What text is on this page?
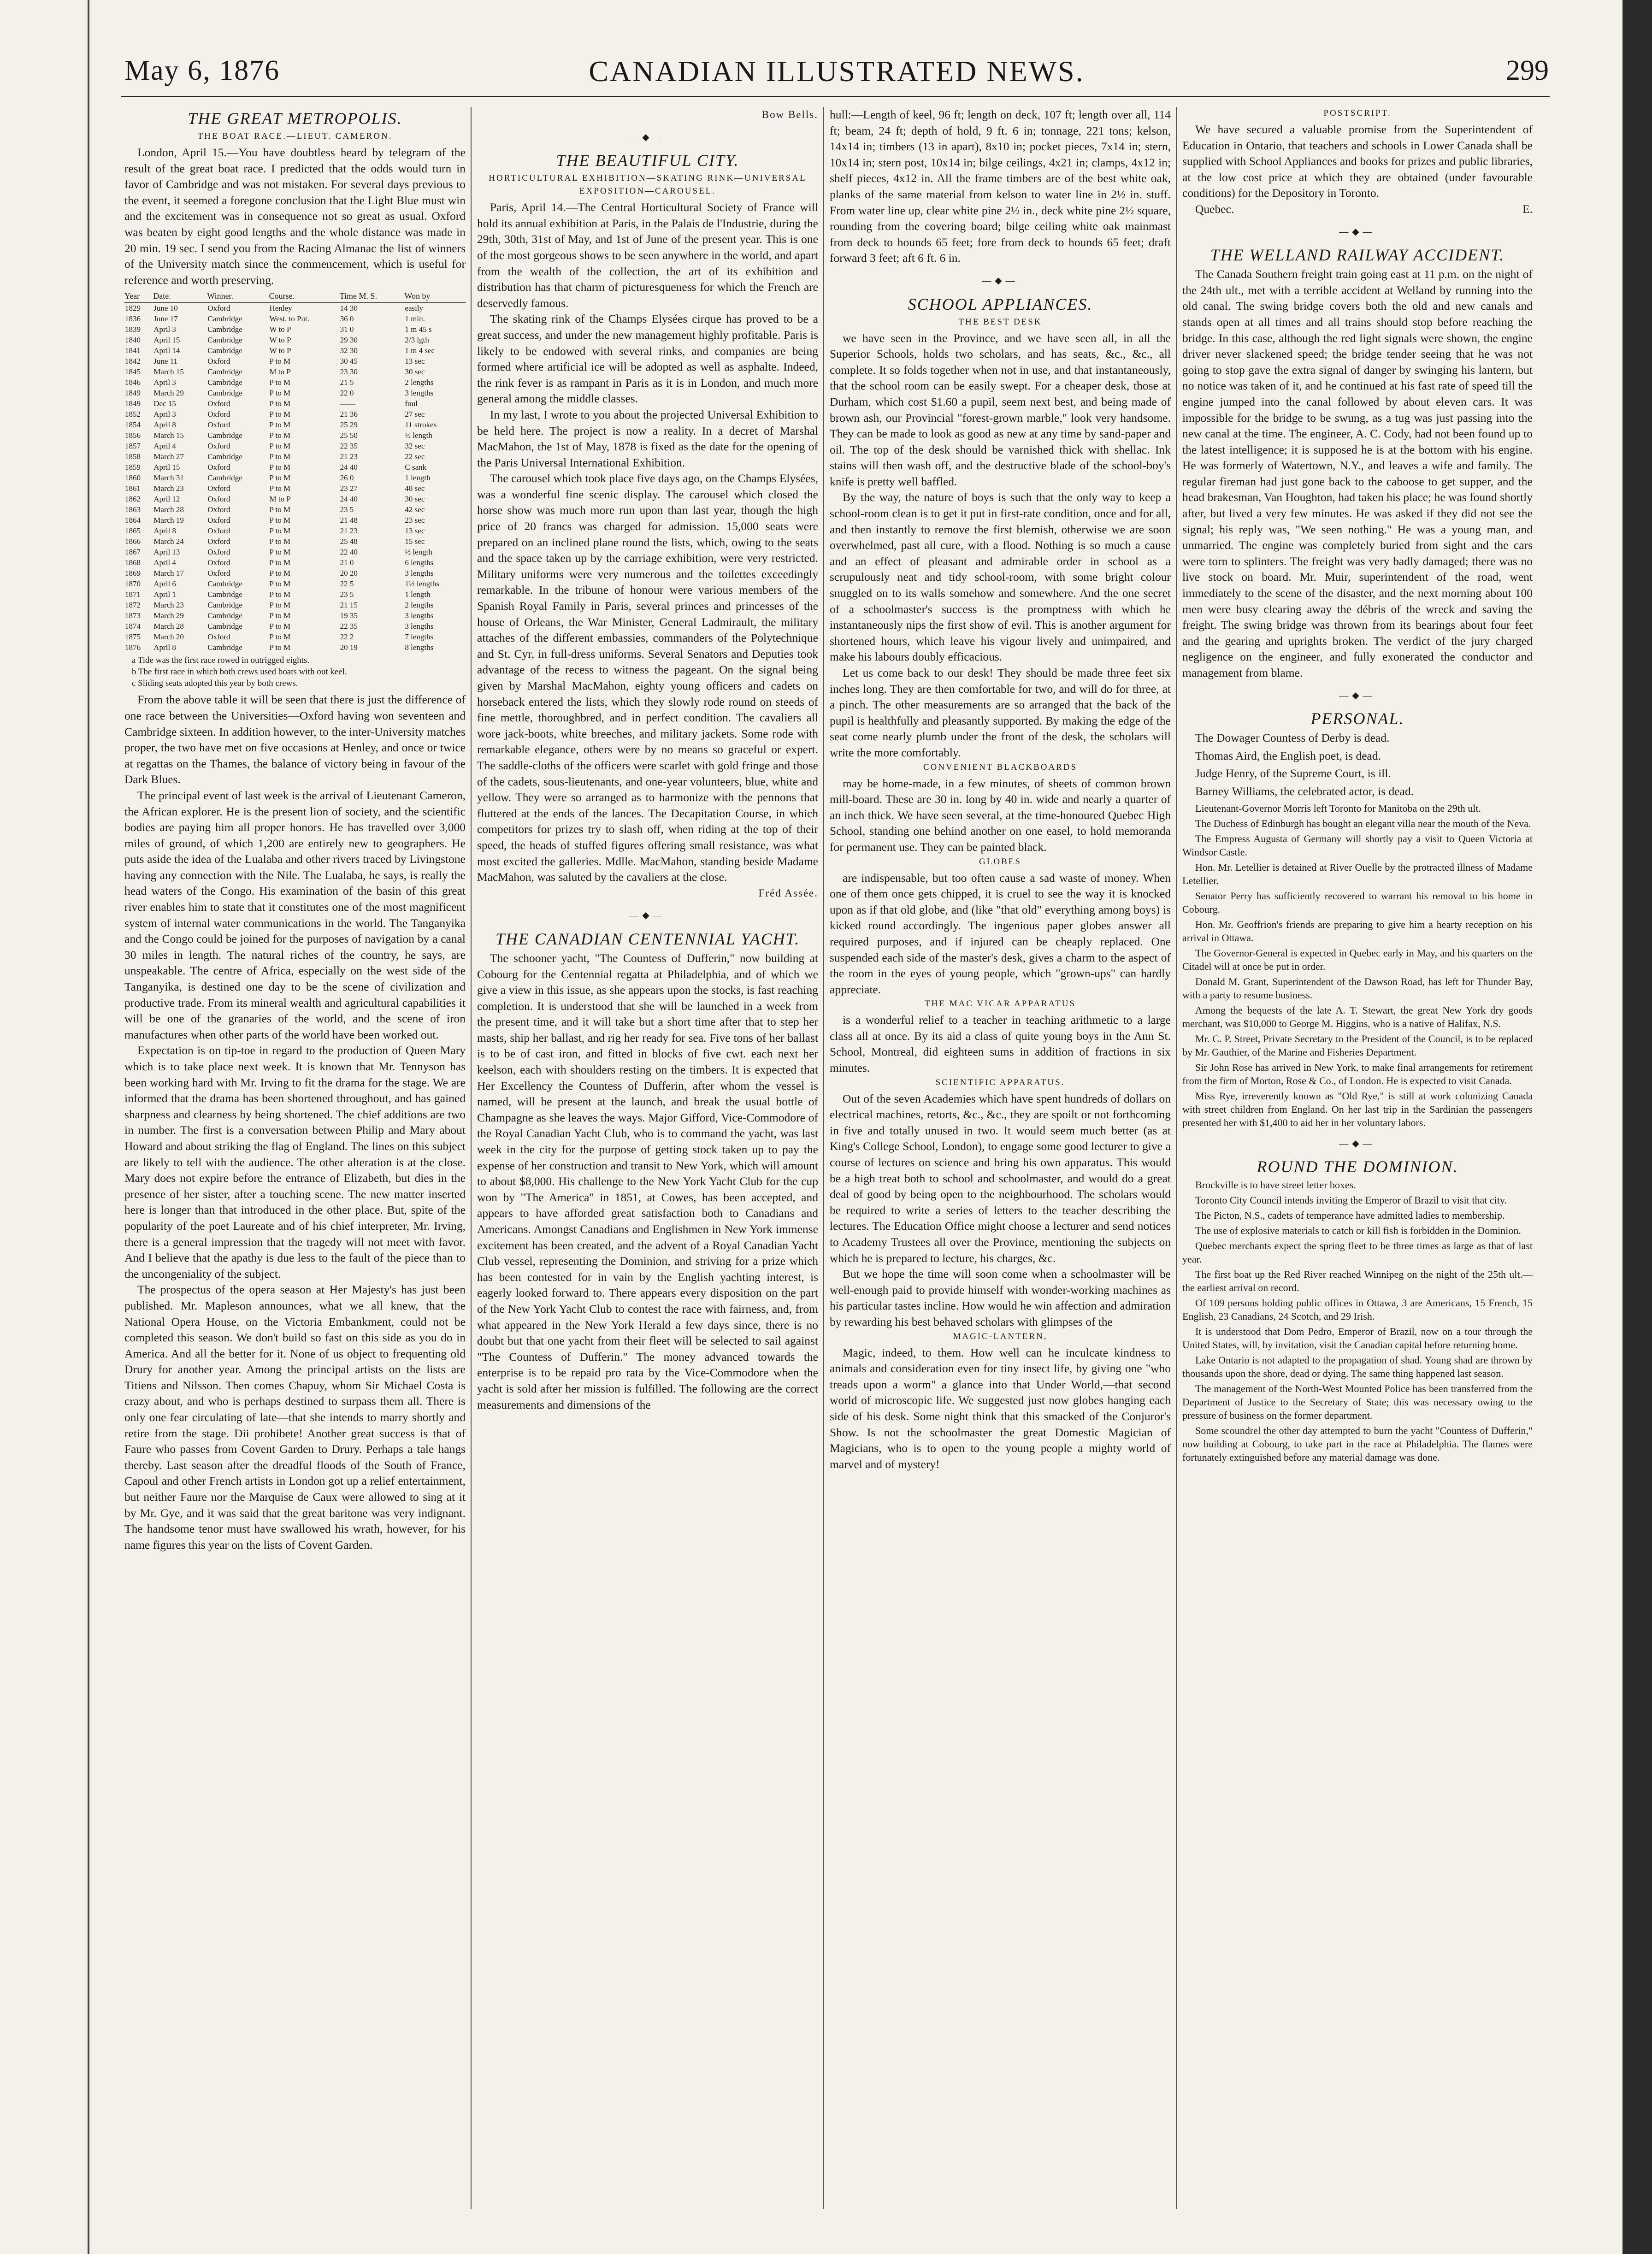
CANADIAN ILLUSTRATED NEWS.
May 6, 1876	299
THE GREAT METROPOLIS.
THE BOAT RACE.—LIEUT. CAMERON.

London, April 15.—You have doubtless heard by telegram of the result of the great boat race. I predicted that the odds would turn in favor of Cambridge and was not mistaken. For several days previous to the event, it seemed a foregone conclusion that the Light Blue must win and the excitement was in consequence not so great as usual. Oxford was beaten by eight good lengths and the whole distance was made in 20 min. 19 sec. I send you from the Racing Almanac the list of winners of the University match since the commencement, which is useful for reference and worth preserving.

Year	Date.	Winner.	Course.	Time M. S.	Won by
1829	June 10	Oxford	Henley	14 30	easily
1836	June 17	Cambridge	West. to Put.	36 0	1 min.
1839	April 3	Cambridge	W to P	31 0	1 m 45 s
1840	April 15	Cambridge	W to P	29 30	2/3 lgth
1841	April 14	Cambridge	W to P	32 30	1 m 4 sec
1842	June 11	Oxford	P to M	30 45	13 sec
1845	March 15	Cambridge	M to P	23 30	30 sec
1846	April 3	Cambridge	P to M	21 5	2 lengths
1849	March 29	Cambridge	P to M	22 0	3 lengths
1849	Dec 15	Oxford	P to M	——	foul
1852	April 3	Oxford	P to M	21 36	27 sec
1854	April 8	Oxford	P to M	25 29	11 strokes
1856	March 15	Cambridge	P to M	25 50	½ length
1857	April 4	Oxford	P to M	22 35	32 sec
1858	March 27	Cambridge	P to M	21 23	22 sec
1859	April 15	Oxford	P to M	24 40	C sank
1860	March 31	Cambridge	P to M	26 0	1 length
1861	March 23	Oxford	P to M	23 27	48 sec
1862	April 12	Oxford	M to P	24 40	30 sec
1863	March 28	Oxford	P to M	23 5	42 sec
1864	March 19	Oxford	P to M	21 48	23 sec
1865	April 8	Oxford	P to M	21 23	13 sec
1866	March 24	Oxford	P to M	25 48	15 sec
1867	April 13	Oxford	P to M	22 40	½ length
1868	April 4	Oxford	P to M	21 0	6 lengths
1869	March 17	Oxford	P to M	20 20	3 lengths
1870	April 6	Cambridge	P to M	22 5	1½ lengths
1871	April 1	Cambridge	P to M	23 5	1 length
1872	March 23	Cambridge	P to M	21 15	2 lengths
1873	March 29	Cambridge	P to M	19 35	3 lengths
1874	March 28	Cambridge	P to M	22 35	3 lengths
1875	March 20	Oxford	P to M	22 2	7 lengths
1876	April 8	Cambridge	P to M	20 19	8 lengths

a Tide was the first race rowed in outrigged eights.

b The first race in which both crews used boats with out keel.

c Sliding seats adopted this year by both crews.

From the above table it will be seen that there is just the difference of one race between the Universities—Oxford having won seventeen and Cambridge sixteen. In addition however, to the inter-University matches proper, the two have met on five occasions at Henley, and once or twice at regattas on the Thames, the balance of victory being in favour of the Dark Blues.

The principal event of last week is the arrival of Lieutenant Cameron, the African explorer. He is the present lion of society, and the scientific bodies are paying him all proper honors. He has travelled over 3,000 miles of ground, of which 1,200 are entirely new to geographers. He puts aside the idea of the Lualaba and other rivers traced by Livingstone having any connection with the Nile. The Lualaba, he says, is really the head waters of the Congo. His examination of the basin of this great river enables him to state that it constitutes one of the most magnificent system of internal water communications in the world. The Tanganyika and the Congo could be joined for the purposes of navigation by a canal 30 miles in length. The natural riches of the country, he says, are unspeakable. The centre of Africa, especially on the west side of the Tanganyika, is destined one day to be the scene of civilization and productive trade. From its mineral wealth and agricultural capabilities it will be one of the granaries of the world, and the scene of iron manufactures when other parts of the world have been worked out.

Expectation is on tip-toe in regard to the production of Queen Mary which is to take place next week. It is known that Mr. Tennyson has been working hard with Mr. Irving to fit the drama for the stage. We are informed that the drama has been shortened throughout, and has gained sharpness and clearness by being shortened. The chief additions are two in number. The first is a conversation between Philip and Mary about Howard and about striking the flag of England. The lines on this subject are likely to tell with the audience. The other alteration is at the close. Mary does not expire before the entrance of Elizabeth, but dies in the presence of her sister, after a touching scene. The new matter inserted here is longer than that introduced in the other place. But, spite of the popularity of the poet Laureate and of his chief interpreter, Mr. Irving, there is a general impression that the tragedy will not meet with favor. And I believe that the apathy is due less to the fault of the piece than to the uncongeniality of the subject.

The prospectus of the opera season at Her Majesty's has just been published. Mr. Mapleson announces, what we all knew, that the National Opera House, on the Victoria Embankment, could not be completed this season. We don't build so fast on this side as you do in America. And all the better for it. None of us object to frequenting old Drury for another year. Among the principal artists on the lists are Titiens and Nilsson. Then comes Chapuy, whom Sir Michael Costa is crazy about, and who is perhaps destined to surpass them all. There is only one fear circulating of late—that she intends to marry shortly and retire from the stage. Dii prohibete! Another great success is that of Faure who passes from Covent Garden to Drury. Perhaps a tale hangs thereby. Last season after the dreadful floods of the South of France, Capoul and other French artists in London got up a relief entertainment, but neither Faure nor the Marquise de Caux were allowed to sing at it by Mr. Gye, and it was said that the great baritone was very indignant. The handsome tenor must have swallowed his wrath, however, for his name figures this year on the lists of Covent Garden.

Bow Bells.
―◆―
THE BEAUTIFUL CITY.
HORTICULTURAL EXHIBITION—SKATING RINK—UNIVERSAL EXPOSITION—CAROUSEL.

Paris, April 14.—The Central Horticultural Society of France will hold its annual exhibition at Paris, in the Palais de l'Industrie, during the 29th, 30th, 31st of May, and 1st of June of the present year. This is one of the most gorgeous shows to be seen anywhere in the world, and apart from the wealth of the collection, the art of its exhibition and distribution has that charm of picturesqueness for which the French are deservedly famous.

The skating rink of the Champs Elysées cirque has proved to be a great success, and under the new management highly profitable. Paris is likely to be endowed with several rinks, and companies are being formed where artificial ice will be adopted as well as asphalte. Indeed, the rink fever is as rampant in Paris as it is in London, and much more general among the middle classes.

In my last, I wrote to you about the projected Universal Exhibition to be held here. The project is now a reality. In a decret of Marshal MacMahon, the 1st of May, 1878 is fixed as the date for the opening of the Paris Universal International Exhibition.

The carousel which took place five days ago, on the Champs Elysées, was a wonderful fine scenic display. The carousel which closed the horse show was much more run upon than last year, though the high price of 20 francs was charged for admission. 15,000 seats were prepared on an inclined plane round the lists, which, owing to the seats and the space taken up by the carriage exhibition, were very restricted. Military uniforms were very numerous and the toilettes exceedingly remarkable. In the tribune of honour were various members of the Spanish Royal Family in Paris, several princes and princesses of the house of Orleans, the War Minister, General Ladmirault, the military attaches of the different embassies, commanders of the Polytechnique and St. Cyr, in full-dress uniforms. Several Senators and Deputies took advantage of the recess to witness the pageant. On the signal being given by Marshal MacMahon, eighty young officers and cadets on horseback entered the lists, which they slowly rode round on steeds of fine mettle, thoroughbred, and in perfect condition. The cavaliers all wore jack-boots, white breeches, and military jackets. Some rode with remarkable elegance, others were by no means so graceful or expert. The saddle-cloths of the officers were scarlet with gold fringe and those of the cadets, sous-lieutenants, and one-year volunteers, blue, white and yellow. They were so arranged as to harmonize with the pennons that fluttered at the ends of the lances. The Decapitation Course, in which competitors for prizes try to slash off, when riding at the top of their speed, the heads of stuffed figures offering small resistance, was what most excited the galleries. Mdlle. MacMahon, standing beside Madame MacMahon, was saluted by the cavaliers at the close.

Fréd Assée.
―◆―
THE CANADIAN CENTENNIAL YACHT.

The schooner yacht, "The Countess of Dufferin," now building at Cobourg for the Centennial regatta at Philadelphia, and of which we give a view in this issue, as she appears upon the stocks, is fast reaching completion. It is understood that she will be launched in a week from the present time, and it will take but a short time after that to step her masts, ship her ballast, and rig her ready for sea. Five tons of her ballast is to be of cast iron, and fitted in blocks of five cwt. each next her keelson, each with shoulders resting on the timbers. It is expected that Her Excellency the Countess of Dufferin, after whom the vessel is named, will be present at the launch, and break the usual bottle of Champagne as she leaves the ways. Major Gifford, Vice-Commodore of the Royal Canadian Yacht Club, who is to command the yacht, was last week in the city for the purpose of getting stock taken up to pay the expense of her construction and transit to New York, which will amount to about $8,000. His challenge to the New York Yacht Club for the cup won by "The America" in 1851, at Cowes, has been accepted, and appears to have afforded great satisfaction both to Canadians and Americans. Amongst Canadians and Englishmen in New York immense excitement has been created, and the advent of a Royal Canadian Yacht Club vessel, representing the Dominion, and striving for a prize which has been contested for in vain by the English yachting interest, is eagerly looked forward to. There appears every disposition on the part of the New York Yacht Club to contest the race with fairness, and, from what appeared in the New York Herald a few days since, there is no doubt but that one yacht from their fleet will be selected to sail against "The Countess of Dufferin." The money advanced towards the enterprise is to be repaid pro rata by the Vice-Commodore when the yacht is sold after her mission is fulfilled. The following are the correct measurements and dimensions of the

hull:—Length of keel, 96 ft; length on deck, 107 ft; length over all, 114 ft; beam, 24 ft; depth of hold, 9 ft. 6 in; tonnage, 221 tons; kelson, 14x14 in; timbers (13 in apart), 8x10 in; pocket pieces, 7x14 in; stern, 10x14 in; stern post, 10x14 in; bilge ceilings, 4x21 in; clamps, 4x12 in; shelf pieces, 4x12 in. All the frame timbers are of the best white oak, planks of the same material from kelson to water line in 2½ in. stuff. From water line up, clear white pine 2½ in., deck white pine 2½ square, rounding from the covering board; bilge ceiling white oak mainmast from deck to hounds 65 feet; fore from deck to hounds 65 feet; draft forward 3 feet; aft 6 ft. 6 in.

―◆―
SCHOOL APPLIANCES.
THE BEST DESK

we have seen in the Province, and we have seen all, in all the Superior Schools, holds two scholars, and has seats, &c., &c., all complete. It so folds together when not in use, and that instantaneously, that the school room can be easily swept. For a cheaper desk, those at Durham, which cost $1.60 a pupil, seem next best, and being made of brown ash, our Provincial "forest-grown marble," look very handsome. They can be made to look as good as new at any time by sand-paper and oil. The top of the desk should be varnished thick with shellac. Ink stains will then wash off, and the destructive blade of the school-boy's knife is pretty well baffled.

By the way, the nature of boys is such that the only way to keep a school-room clean is to get it put in first-rate condition, once and for all, and then instantly to remove the first blemish, otherwise we are soon overwhelmed, past all cure, with a flood. Nothing is so much a cause and an effect of pleasant and admirable order in school as a scrupulously neat and tidy school-room, with some bright colour snuggled on to its walls somehow and somewhere. And the one secret of a schoolmaster's success is the promptness with which he instantaneously nips the first show of evil. This is another argument for shortened hours, which leave his vigour lively and unimpaired, and make his labours doubly efficacious.

Let us come back to our desk! They should be made three feet six inches long. They are then comfortable for two, and will do for three, at a pinch. The other measurements are so arranged that the back of the pupil is healthfully and pleasantly supported. By making the edge of the seat come nearly plumb under the front of the desk, the scholars will write the more comfortably.

CONVENIENT BLACKBOARDS

may be home-made, in a few minutes, of sheets of common brown mill-board. These are 30 in. long by 40 in. wide and nearly a quarter of an inch thick. We have seen several, at the time-honoured Quebec High School, standing one behind another on one easel, to hold memoranda for permanent use. They can be painted black.

GLOBES

are indispensable, but too often cause a sad waste of money. When one of them once gets chipped, it is cruel to see the way it is knocked upon as if that old globe, and (like "that old" everything among boys) is kicked round accordingly. The ingenious paper globes answer all required purposes, and if injured can be cheaply replaced. One suspended each side of the master's desk, gives a charm to the aspect of the room in the eyes of young people, which "grown-ups" can hardly appreciate.

THE MAC VICAR APPARATUS

is a wonderful relief to a teacher in teaching arithmetic to a large class all at once. By its aid a class of quite young boys in the Ann St. School, Montreal, did eighteen sums in addition of fractions in six minutes.

SCIENTIFIC APPARATUS.

Out of the seven Academies which have spent hundreds of dollars on electrical machines, retorts, &c., &c., they are spoilt or not forthcoming in five and totally unused in two. It would seem much better (as at King's College School, London), to engage some good lecturer to give a course of lectures on science and bring his own apparatus. This would be a high treat both to school and schoolmaster, and would do a great deal of good by being open to the neighbourhood. The scholars would be required to write a series of letters to the teacher describing the lectures. The Education Office might choose a lecturer and send notices to Academy Trustees all over the Province, mentioning the subjects on which he is prepared to lecture, his charges, &c.

But we hope the time will soon come when a schoolmaster will be well-enough paid to provide himself with wonder-working machines as his particular tastes incline. How would he win affection and admiration by rewarding his best behaved scholars with glimpses of the

MAGIC-LANTERN,

Magic, indeed, to them. How well can he inculcate kindness to animals and consideration even for tiny insect life, by giving one "who treads upon a worm" a glance into that Under World,—that second world of microscopic life. We suggested just now globes hanging each side of his desk. Some night think that this smacked of the Conjuror's Show. Is not the schoolmaster the great Domestic Magician of Magicians, who is to open to the young people a mighty world of marvel and of mystery!

POSTSCRIPT.

We have secured a valuable promise from the Superintendent of Education in Ontario, that teachers and schools in Lower Canada shall be supplied with School Appliances and books for prizes and public libraries, at the low cost price at which they are obtained (under favourable conditions) for the Depository in Toronto.

Quebec.	E.
―◆―
THE WELLAND RAILWAY ACCIDENT.

The Canada Southern freight train going east at 11 p.m. on the night of the 24th ult., met with a terrible accident at Welland by running into the old canal. The swing bridge covers both the old and new canals and stands open at all times and all trains should stop before reaching the bridge. In this case, although the red light signals were shown, the engine driver never slackened speed; the bridge tender seeing that he was not going to stop gave the extra signal of danger by swinging his lantern, but no notice was taken of it, and he continued at his fast rate of speed till the engine jumped into the canal followed by about eleven cars. It was impossible for the bridge to be swung, as a tug was just passing into the new canal at the time. The engineer, A. C. Cody, had not been found up to the latest intelligence; it is supposed he is at the bottom with his engine. He was formerly of Watertown, N.Y., and leaves a wife and family. The regular fireman had just gone back to the caboose to get supper, and the head brakesman, Van Houghton, had taken his place; he was found shortly after, but lived a very few minutes. He was asked if they did not see the signal; his reply was, "We seen nothing." He was a young man, and unmarried. The engine was completely buried from sight and the cars were torn to splinters. The freight was very badly damaged; there was no live stock on board. Mr. Muir, superintendent of the road, went immediately to the scene of the disaster, and the next morning about 100 men were busy clearing away the débris of the wreck and saving the freight. The swing bridge was thrown from its bearings about four feet and the gearing and uprights broken. The verdict of the jury charged negligence on the engineer, and fully exonerated the conductor and management from blame.

―◆―
PERSONAL.

The Dowager Countess of Derby is dead.

Thomas Aird, the English poet, is dead.

Judge Henry, of the Supreme Court, is ill.

Barney Williams, the celebrated actor, is dead.

Lieutenant-Governor Morris left Toronto for Manitoba on the 29th ult.

The Duchess of Edinburgh has bought an elegant villa near the mouth of the Neva.

The Empress Augusta of Germany will shortly pay a visit to Queen Victoria at Windsor Castle.

Hon. Mr. Letellier is detained at River Ouelle by the protracted illness of Madame Letellier.

Senator Perry has sufficiently recovered to warrant his removal to his home in Cobourg.

Hon. Mr. Geoffrion's friends are preparing to give him a hearty reception on his arrival in Ottawa.

The Governor-General is expected in Quebec early in May, and his quarters on the Citadel will at once be put in order.

Donald M. Grant, Superintendent of the Dawson Road, has left for Thunder Bay, with a party to resume business.

Among the bequests of the late A. T. Stewart, the great New York dry goods merchant, was $10,000 to George M. Higgins, who is a native of Halifax, N.S.

Mr. C. P. Street, Private Secretary to the President of the Council, is to be replaced by Mr. Gauthier, of the Marine and Fisheries Department.

Sir John Rose has arrived in New York, to make final arrangements for retirement from the firm of Morton, Rose & Co., of London. He is expected to visit Canada.

Miss Rye, irreverently known as "Old Rye," is still at work colonizing Canada with street children from England. On her last trip in the Sardinian the passengers presented her with $1,400 to aid her in her voluntary labors.

―◆―
ROUND THE DOMINION.

Brockville is to have street letter boxes.

Toronto City Council intends inviting the Emperor of Brazil to visit that city.

The Picton, N.S., cadets of temperance have admitted ladies to membership.

The use of explosive materials to catch or kill fish is forbidden in the Dominion.

Quebec merchants expect the spring fleet to be three times as large as that of last year.

The first boat up the Red River reached Winnipeg on the night of the 25th ult.—the earliest arrival on record.

Of 109 persons holding public offices in Ottawa, 3 are Americans, 15 French, 15 English, 23 Canadians, 24 Scotch, and 29 Irish.

It is understood that Dom Pedro, Emperor of Brazil, now on a tour through the United States, will, by invitation, visit the Canadian capital before returning home.

Lake Ontario is not adapted to the propagation of shad. Young shad are thrown by thousands upon the shore, dead or dying. The same thing happened last season.

The management of the North-West Mounted Police has been transferred from the Department of Justice to the Secretary of State; this was necessary owing to the pressure of business on the former department.

Some scoundrel the other day attempted to burn the yacht "Countess of Dufferin," now building at Cobourg, to take part in the race at Philadelphia. The flames were fortunately extinguished before any material damage was done.
